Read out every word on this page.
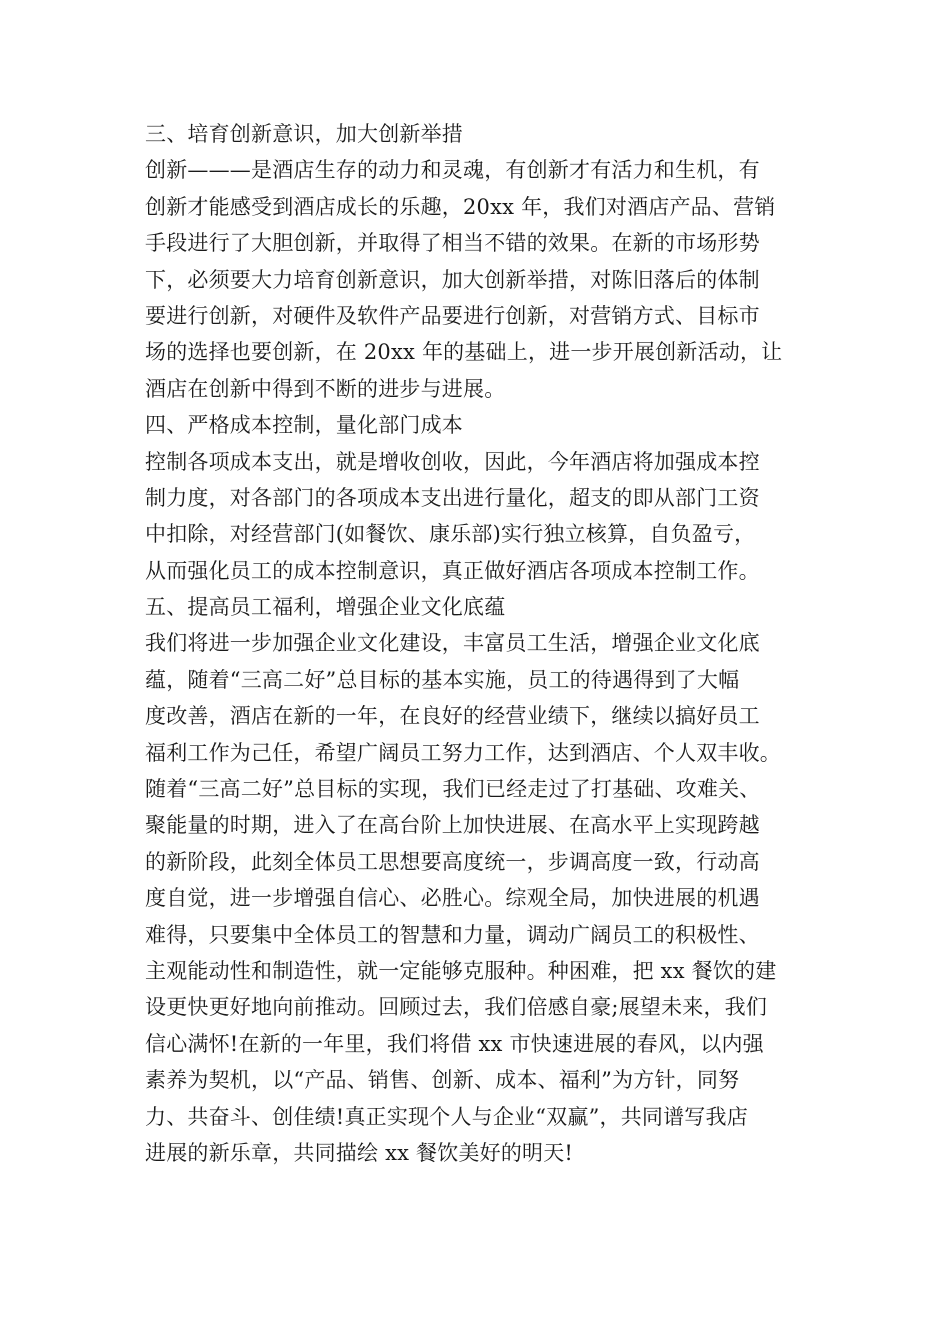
三、培育创新意识，加大创新举措
创新———是酒店生存的动力和灵魂，有创新才有活力和生机，有
创新才能感受到酒店成长的乐趣，20xx 年，我们对酒店产品、营销
手段进行了大胆创新，并取得了相当不错的效果。在新的市场形势
下，必须要大力培育创新意识，加大创新举措，对陈旧落后的体制
要进行创新，对硬件及软件产品要进行创新，对营销方式、目标市
场的选择也要创新，在 20xx 年的基础上，进一步开展创新活动，让
酒店在创新中得到不断的进步与进展。
四、严格成本控制，量化部门成本
控制各项成本支出，就是增收创收，因此，今年酒店将加强成本控
制力度，对各部门的各项成本支出进行量化，超支的即从部门工资
中扣除，对经营部门(如餐饮、康乐部)实行独立核算，自负盈亏，
从而强化员工的成本控制意识，真正做好酒店各项成本控制工作。
五、提高员工福利，增强企业文化底蕴
我们将进一步加强企业文化建设，丰富员工生活，增强企业文化底
蕴，随着“三高二好”总目标的基本实施，员工的待遇得到了大幅
度改善，酒店在新的一年，在良好的经营业绩下，继续以搞好员工
福利工作为己任，希望广阔员工努力工作，达到酒店、个人双丰收。
随着“三高二好”总目标的实现，我们已经走过了打基础、攻难关、
聚能量的时期，进入了在高台阶上加快进展、在高水平上实现跨越
的新阶段，此刻全体员工思想要高度统一，步调高度一致，行动高
度自觉，进一步增强自信心、必胜心。综观全局，加快进展的机遇
难得，只要集中全体员工的智慧和力量，调动广阔员工的积极性、
主观能动性和制造性，就一定能够克服种。种困难，把 xx 餐饮的建
设更快更好地向前推动。回顾过去，我们倍感自豪;展望未来，我们
信心满怀!在新的一年里，我们将借 xx 市快速进展的春风，以内强
素养为契机，以“产品、销售、创新、成本、福利”为方针，同努
力、共奋斗、创佳绩!真正实现个人与企业“双赢”，共同谱写我店
进展的新乐章，共同描绘 xx 餐饮美好的明天!
